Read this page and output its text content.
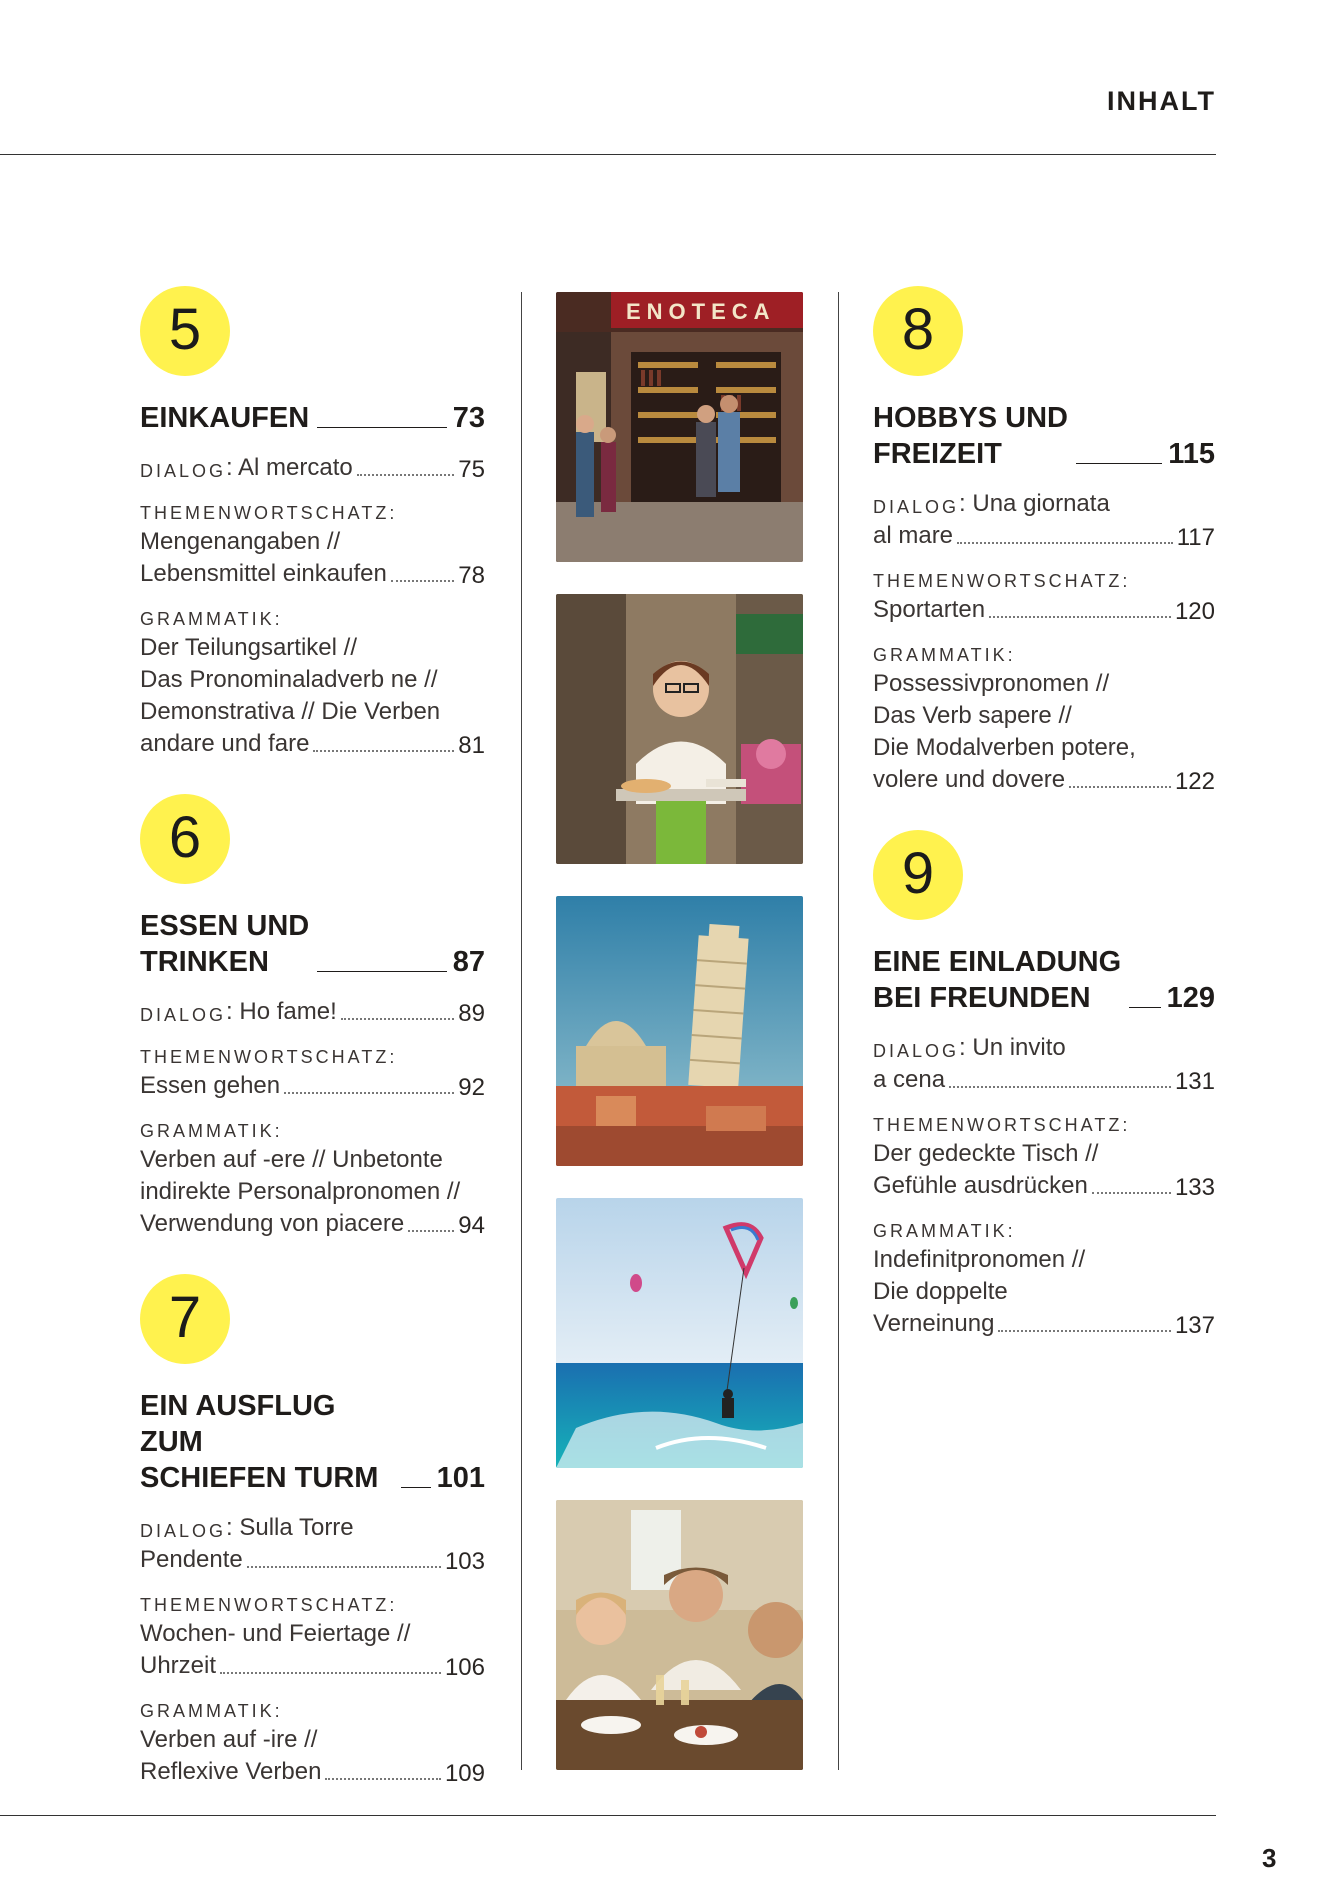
INHALT
3
5
EINKAUFEN	73
DIALOG : Al mercato	75
THEMENWORTSCHATZ:
Mengenangaben //
Lebensmittel einkaufen	78
GRAMMATIK:
Der Teilungsartikel //
Das Pronominaladverb ne //
Demonstrativa // Die Verben
andare und fare	81
6
ESSEN UND
TRINKEN	87
DIALOG : Ho fame!	89
THEMENWORTSCHATZ:
Essen gehen	92
GRAMMATIK:
Verben auf -ere // Unbetonte
indirekte Personalpronomen //
Verwendung von piacere 94
7
EIN AUSFLUG ZUM
SCHIEFEN TURM	101
DIALOG : Sulla Torre
Pendente	103
THEMENWORTSCHATZ:
Wochen- und Feiertage //
Uhrzeit	106
GRAMMATIK:
Verben auf -ire //
Reflexive Verben	109
8
HOBBYS UND
FREIZEIT	115
DIALOG : Una giornata
al mare	117
THEMENWORTSCHATZ:
Sportarten	120
GRAMMATIK:
Possessivpronomen //
Das Verb sapere //
Die Modalverben potere,
volere und dovere	122
9
EINE EINLADUNG
BEI FREUNDEN	129
DIALOG : Un invito
a cena	131
THEMENWORTSCHATZ:
Der gedeckte Tisch //
Gefühle ausdrücken	133
GRAMMATIK:
Indefinitpronomen //
Die doppelte
Verneinung	137
ENOTECA
